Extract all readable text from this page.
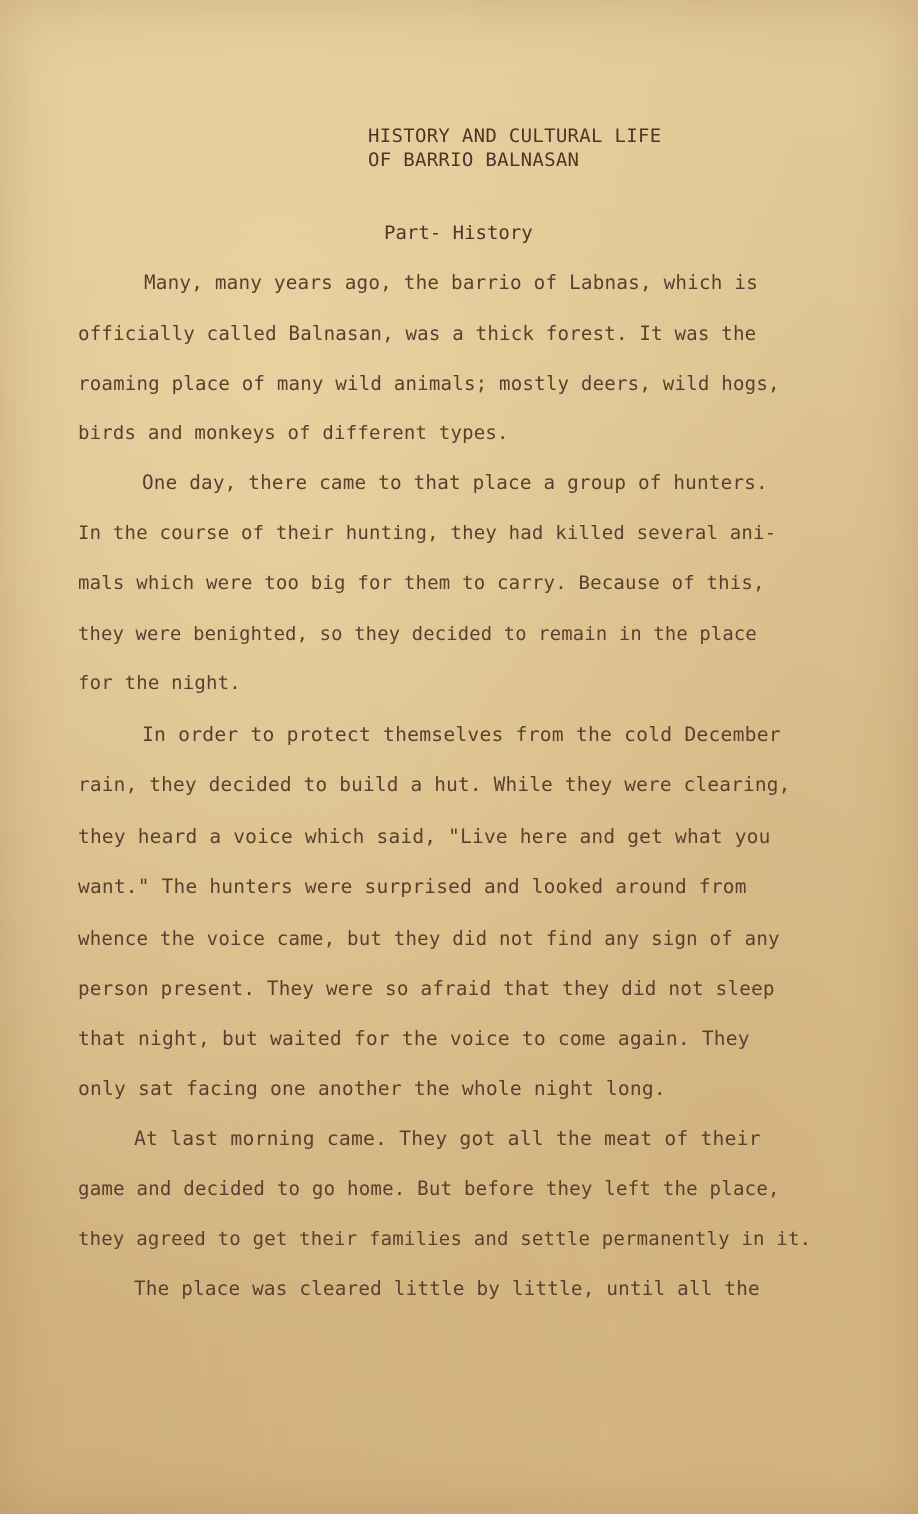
HISTORY AND CULTURAL LIFE
OF BARRIO BALNASAN
Part- History
Many, many years ago, the barrio of Labnas, which is
officially called Balnasan, was a thick forest. It was the
roaming place of many wild animals; mostly deers, wild hogs,
birds and monkeys of different types.
One day, there came to that place a group of hunters.
In the course of their hunting, they had killed several ani-
mals which were too big for them to carry. Because of this,
they were benighted, so they decided to remain in the place
for the night.
In order to protect themselves from the cold December
rain, they decided to build a hut. While they were clearing,
they heard a voice which said, "Live here and get what you
want." The hunters were surprised and looked around from
whence the voice came, but they did not find any sign of any
person present. They were so afraid that they did not sleep
that night, but waited for the voice to come again. They
only sat facing one another the whole night long.
At last morning came. They got all the meat of their
game and decided to go home. But before they left the place,
they agreed to get their families and settle permanently in it.
The place was cleared little by little, until all the
